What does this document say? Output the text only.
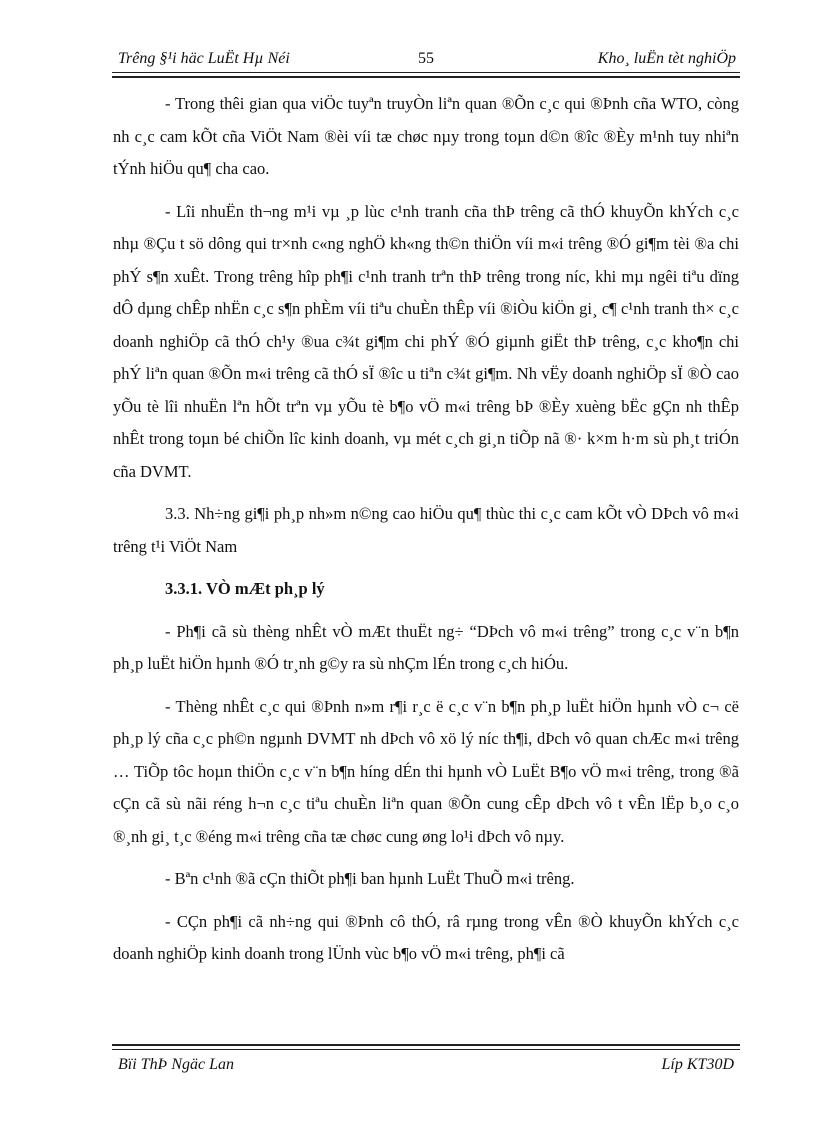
Trêng §¹i häc LuËt Hµ Néi	55	Kho¸ luËn tèt nghiÖp

- Trong thêi gian qua viÖc tuyªn truyÒn liªn quan ®Õn c¸c qui ®Þnh cña WTO, còng nh c¸c cam kÕt cña ViÖt Nam ®èi víi tæ chøc nµy trong toµn d©n ®îc ®Èy m¹nh tuy nhiªn tÝnh hiÖu qu¶ cha cao.

- Lîi nhuËn th¬ng m¹i vµ ¸p lùc c¹nh tranh cña thÞ trêng cã thÓ khuyÕn khÝch c¸c nhµ ®Çu t sö dông qui tr×nh c«ng nghÖ kh«ng th©n thiÖn víi m«i trêng ®Ó gi¶m tèi ®a chi phÝ s¶n xuÊt. Trong trêng hîp ph¶i c¹nh tranh trªn thÞ trêng trong níc, khi mµ ngêi tiªu dïng dÔ dµng chÊp nhËn c¸c s¶n phÈm víi tiªu chuÈn thÊp víi ®iÒu kiÖn gi¸ c¶ c¹nh tranh th× c¸c doanh nghiÖp cã thÓ ch¹y ®ua c¾t gi¶m chi phÝ ®Ó giµnh giËt thÞ trêng, c¸c kho¶n chi phÝ liªn quan ®Õn m«i trêng cã thÓ sÏ ®îc u tiªn c¾t gi¶m. Nh vËy doanh nghiÖp sÏ ®Ò cao yÕu tè lîi nhuËn lªn hÕt trªn vµ yÕu tè b¶o vÖ m«i trêng bÞ ®Èy xuèng bËc gÇn nh thÊp nhÊt trong toµn bé chiÕn lîc kinh doanh, vµ mét c¸ch gi¸n tiÕp nã ®· k×m h·m sù ph¸t triÓn cña DVMT.

3.3. Nh÷ng gi¶i ph¸p nh»m n©ng cao hiÖu qu¶ thùc thi c¸c cam kÕt vÒ DÞch vô m«i trêng t¹i ViÖt Nam

3.3.1. VÒ mÆt ph¸p lý

- Ph¶i cã sù thèng nhÊt vÒ mÆt thuËt ng÷ “DÞch vô m«i trêng” trong c¸c v¨n b¶n ph¸p luËt hiÖn hµnh ®Ó tr¸nh g©y ra sù nhÇm lÉn trong c¸ch hiÓu.

- Thèng nhÊt c¸c qui ®Þnh n»m r¶i r¸c ë c¸c v¨n b¶n ph¸p luËt hiÖn hµnh vÒ c¬ cë ph¸p lý cña c¸c ph©n ngµnh DVMT nh dÞch vô xö lý níc th¶i, dÞch vô quan chÆc m«i trêng … TiÕp tôc hoµn thiÖn c¸c v¨n b¶n híng dÉn thi hµnh vÒ LuËt B¶o vÖ m«i trêng, trong ®ã cÇn cã sù nãi réng h¬n c¸c tiªu chuÈn liªn quan ®Õn cung cÊp dÞch vô t vÊn lËp b¸o c¸o ®¸nh gi¸ t¸c ®éng m«i trêng cña tæ chøc cung øng lo¹i dÞch vô nµy.

- Bªn c¹nh ®ã cÇn thiÕt ph¶i ban hµnh LuËt ThuÕ m«i trêng.

- CÇn ph¶i cã nh÷ng qui ®Þnh cô thÓ, râ rµng trong vÊn ®Ò khuyÕn khÝch c¸c doanh nghiÖp kinh doanh trong lÜnh vùc b¶o vÖ m«i trêng, ph¶i cã

Bïi ThÞ Ngäc Lan	Líp KT30D
